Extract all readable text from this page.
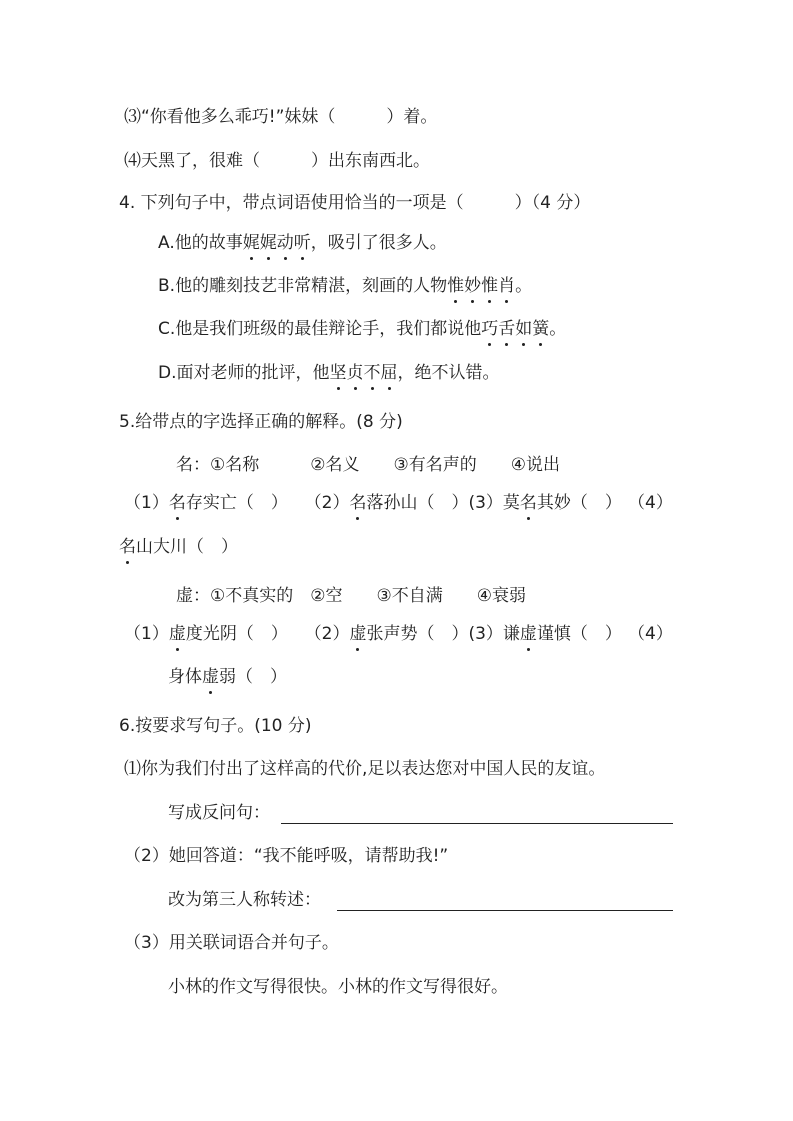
⑶“你看他多么乖巧!”妹妹（　　　）着。
⑷天黑了，很难（　　　）出东南西北。
4. 下列句子中，带点词语使用恰当的一项是（　　　）（4 分）
A.他的故事娓娓动听，吸引了很多人。
B.他的雕刻技艺非常精湛，刻画的人物惟妙惟肖。
C.他是我们班级的最佳辩论手，我们都说他巧舌如簧。
D.面对老师的批评，他坚贞不屈，绝不认错。
5.给带点的字选择正确的解释。(8 分)
名：①名称　　　②名义　　③有名声的　　④说出
（1）名存实亡（　） （2）名落孙山（　）(3）莫名其妙（　） （4）
名山大川（　）
虚：①不真实的　②空　　③不自满　　④衰弱
（1）虚度光阴（　） （2）虚张声势（　）(3）谦虚谨慎（　） （4）
身体虚弱（　）
6.按要求写句子。(10 分)
⑴你为我们付出了这样高的代价,足以表达您对中国人民的友谊。
写成反问句：
（2）她回答道：“我不能呼吸，请帮助我!”
改为第三人称转述：
（3）用关联词语合并句子。
小林的作文写得很快。小林的作文写得很好。
